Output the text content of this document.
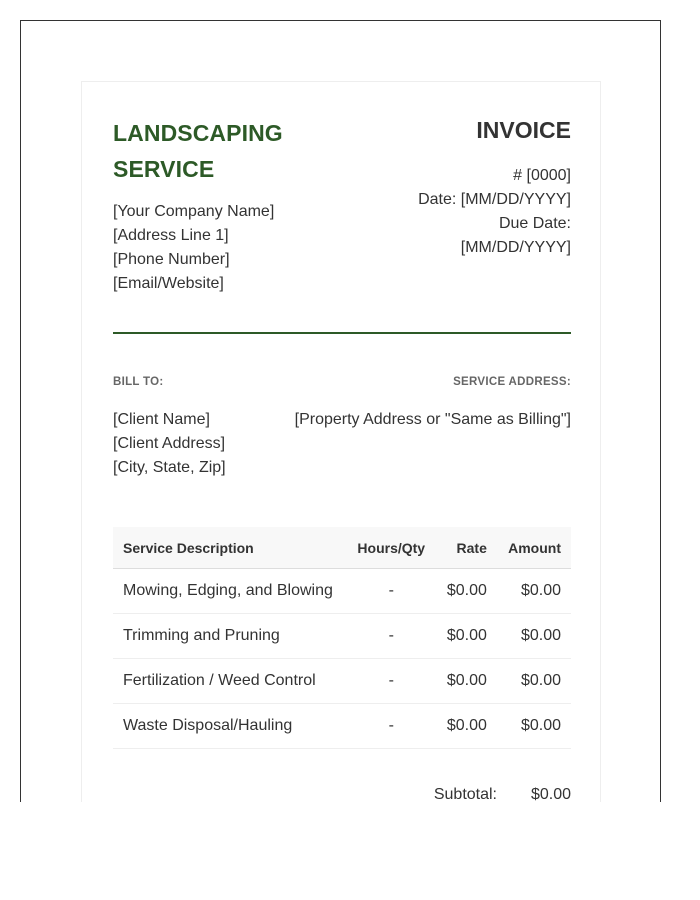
LANDSCAPING SERVICE
[Your Company Name]
[Address Line 1]
[Phone Number]
[Email/Website]
INVOICE
# [0000]
Date: [MM/DD/YYYY]
Due Date:
[MM/DD/YYYY]
BILL TO:	SERVICE ADDRESS:
[Client Name]
[Client Address]
[City, State, Zip]
[Property Address or "Same as Billing"]
Service Description	Hours/Qty	Rate	Amount
Mowing, Edging, and Blowing	-	$0.00	$0.00
Trimming and Pruning	-	$0.00	$0.00
Fertilization / Weed Control	-	$0.00	$0.00
Waste Disposal/Hauling	-	$0.00	$0.00
Subtotal: $0.00
